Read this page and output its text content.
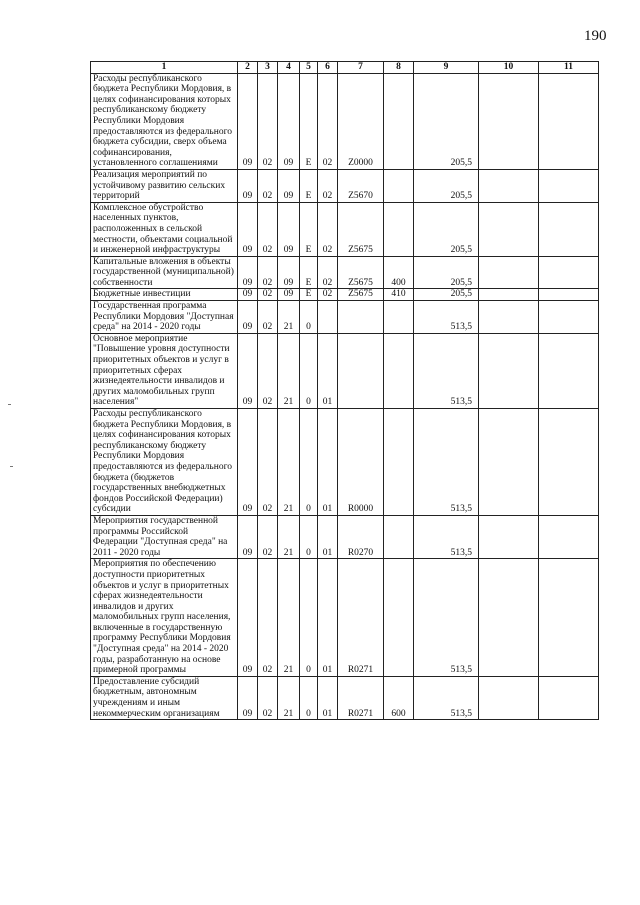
190
1	2	3	4	5	6	7	8	9	10	11
Расходы республиканского бюджета Республики Мордовия, в целях софинансирования которых республиканскому бюджету Республики Мордовия предоставляются из федерального бюджета субсидии, сверх объема софинансирования, установленного соглашениями	09	02	09	Е	02	Z0000		205,5		
Реализация мероприятий по устойчивому развитию сельских территорий	09	02	09	Е	02	Z5670		205,5		
Комплексное обустройство населенных пунктов, расположенных в сельской местности, объектами социальной и инженерной инфраструктуры	09	02	09	Е	02	Z5675		205,5		
Капитальные вложения в объекты государственной (муниципальной) собственности	09	02	09	Е	02	Z5675	400	205,5		
Бюджетные инвестиции	09	02	09	Е	02	Z5675	410	205,5		
Государственная программа Республики Мордовия "Доступная среда" на 2014 - 2020 годы	09	02	21	0				513,5		
Основное мероприятие "Повышение уровня доступности приоритетных объектов и услуг в приоритетных сферах жизнедеятельности инвалидов и других маломобильных групп населения"	09	02	21	0	01			513,5		
Расходы республиканского бюджета Республики Мордовия, в целях софинансирования которых республиканскому бюджету Республики Мордовия предоставляются из федерального бюджета (бюджетов государственных внебюджетных фондов Российской Федерации) субсидии	09	02	21	0	01	R0000		513,5		
Мероприятия государственной программы Российской Федерации "Доступная среда" на 2011 - 2020 годы	09	02	21	0	01	R0270		513,5		
Мероприятия по обеспечению доступности приоритетных объектов и услуг в приоритетных сферах жизнедеятельности инвалидов и других маломобильных групп населения, включенные в государственную программу Республики Мордовия "Доступная среда" на 2014 - 2020 годы, разработанную на основе примерной программы	09	02	21	0	01	R0271		513,5		
Предоставление субсидий бюджетным, автономным учреждениям и иным некоммерческим организациям	09	02	21	0	01	R0271	600	513,5		
